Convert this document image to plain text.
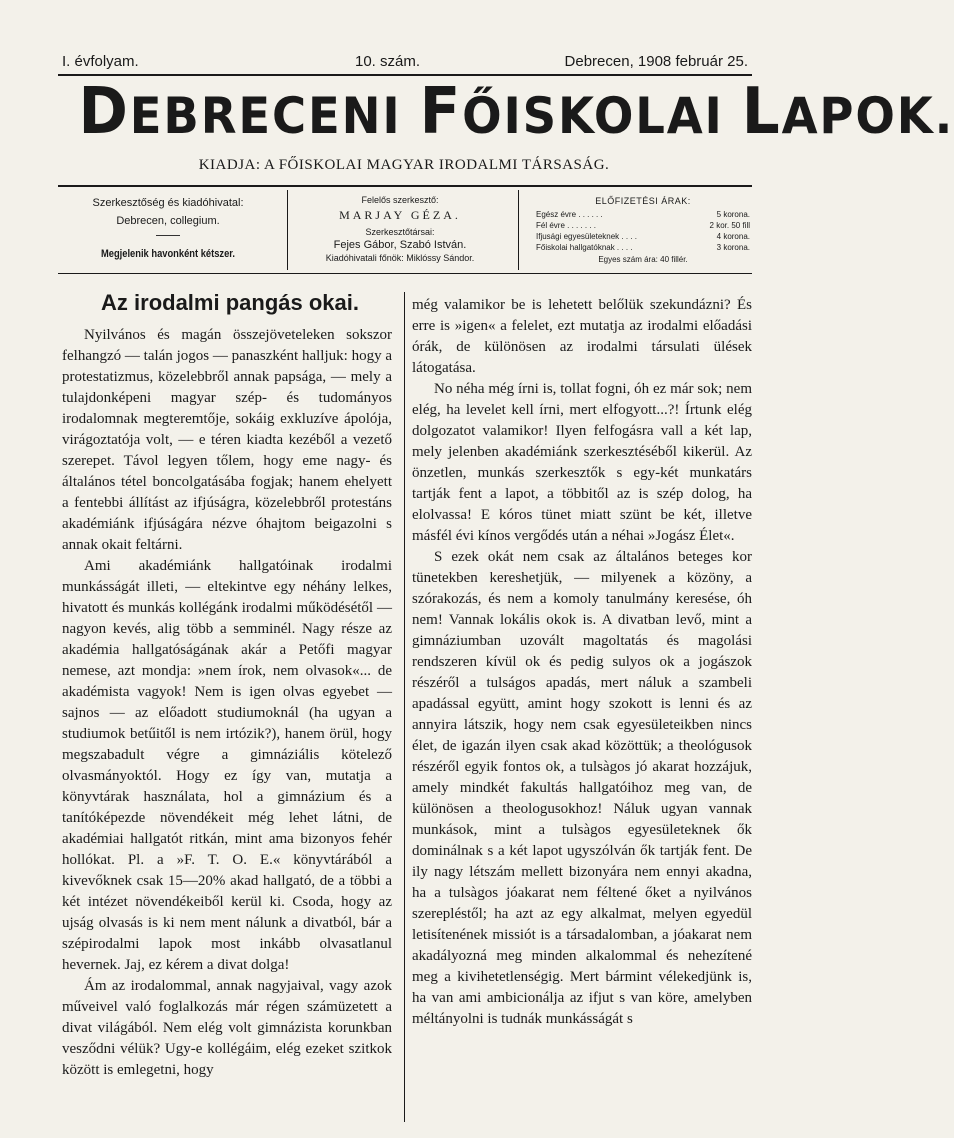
I. évfolyam.	10. szám.	Debrecen, 1908 február 25.
DEBRECENI FŐISKOLAI LAPOK.
KIADJA: A FŐISKOLAI MAGYAR IRODALMI TÁRSASÁG.
Szerkesztőség és kiadóhivatal:
Debrecen, collegium.
Megjelenik havonként kétszer.
Felelős szerkesztő:
MARJAY GÉZA.
Szerkesztőtársai:
Fejes Gábor, Szabó István.
Kiadóhivatali főnök: Miklóssy Sándor.
ELŐFIZETÉSI ÁRAK:
Egész évre . . . . . .	5 korona.
Fél évre . . . . . . .	2 kor. 50 fill
Ifjusági egyesületeknek . . . .	4 korona.
Főiskolai hallgatóknak . . . .	3 korona.
Egyes szám ára: 40 fillér.
Az irodalmi pangás okai.

Nyilvános és magán összejöveteleken sokszor felhangzó — talán jogos — panaszként halljuk: hogy a protestatizmus, közelebbről annak papsága, — mely a tulajdonképeni magyar szép- és tudományos irodalomnak megteremtője, sokáig exkluzíve ápolója, virágoztatója volt, — e téren kiadta kezéből a vezető szerepet. Távol legyen tőlem, hogy eme nagy- és általános tétel boncolgatásába fogjak; hanem ehelyett a fentebbi állítást az ifjúságra, közelebbről protestáns akadémiánk ifjúságára nézve óhajtom beigazolni s annak okait feltárni.

Ami akadémiánk hallgatóinak irodalmi munkásságát illeti, — eltekintve egy néhány lelkes, hivatott és munkás kollégánk irodalmi működésétől — nagyon kevés, alig több a semminél. Nagy része az akadémia hallgatóságának akár a Petőfi magyar nemese, azt mondja: »nem írok, nem olvasok«... de akadémista vagyok! Nem is igen olvas egyebet — sajnos — az előadott studiumoknál (ha ugyan a studiumok betűitől is nem irtózik?), hanem örül, hogy megszabadult végre a gimnáziális kötelező olvasmányoktól. Hogy ez így van, mutatja a könyvtárak használata, hol a gimnázium és a tanítóképezde növendékeit még lehet látni, de akadémiai hallgatót ritkán, mint ama bizonyos fehér hollókat. Pl. a »F. T. O. E.« könyvtárából a kivevőknek csak 15—20% akad hallgató, de a többi a két intézet növendékeiből kerül ki. Csoda, hogy az ujság olvasás is ki nem ment nálunk a divatból, bár a szépirodalmi lapok most inkább olvasatlanul hevernek. Jaj, ez kérem a divat dolga!

Ám az irodalommal, annak nagyjaival, vagy azok műveivel való foglalkozás már régen számüzetett a divat világából. Nem elég volt gimnázista korunkban vesződni vélük? Ugy-e kollégáim, elég ezeket szitkok között is emlegetni, hogy

még valamikor be is lehetett belőlük szekundázni? És erre is »igen« a felelet, ezt mutatja az irodalmi előadási órák, de különösen az irodalmi társulati ülések látogatása.

No néha még írni is, tollat fogni, óh ez már sok; nem elég, ha levelet kell írni, mert elfogyott...?! Írtunk elég dolgozatot valamikor! Ilyen felfogásra vall a két lap, mely jelenben akadémiánk szerkesztéséből kikerül. Az önzetlen, munkás szerkesztők s egy-két munkatárs tartják fent a lapot, a többitől az is szép dolog, ha elolvassa! E kóros tünet miatt szünt be két, illetve másfél évi kínos vergődés után a néhai »Jogász Élet«.

S ezek okát nem csak az általános beteges kor tünetekben kereshetjük, — milyenek a közöny, a szórakozás, és nem a komoly tanulmány keresése, óh nem! Vannak lokális okok is. A divatban levő, mint a gimnáziumban uzovált magoltatás és magolási rendszeren kívül ok és pedig sulyos ok a jogászok részéről a tulságos apadás, mert náluk a szambeli apadással együtt, amint hogy szokott is lenni és az annyira látszik, hogy nem csak egyesületeikben nincs élet, de igazán ilyen csak akad közöttük; a theológusok részéről egyik fontos ok, a tulsàgos jó akarat hozzájuk, amely mindkét fakultás hallgatóihoz meg van, de különösen a theologusokhoz! Náluk ugyan vannak munkások, mint a tulsàgos egyesületeknek ők dominálnak s a két lapot ugyszólván ők tartják fent. De ily nagy létszám mellett bizonyára nem ennyi akadna, ha a tulsàgos jóakarat nem féltené őket a nyilvános szerepléstől; ha azt az egy alkalmat, melyen egyedül letisítenének missiót is a társadalomban, a jóakarat nem akadályozná meg minden alkalommal és nehezítené meg a kivihetetlenségig. Mert bármint vélekedjünk is, ha van ami ambicionálja az ifjut s van köre, amelyben méltányolni is tudnák munkásságát s
